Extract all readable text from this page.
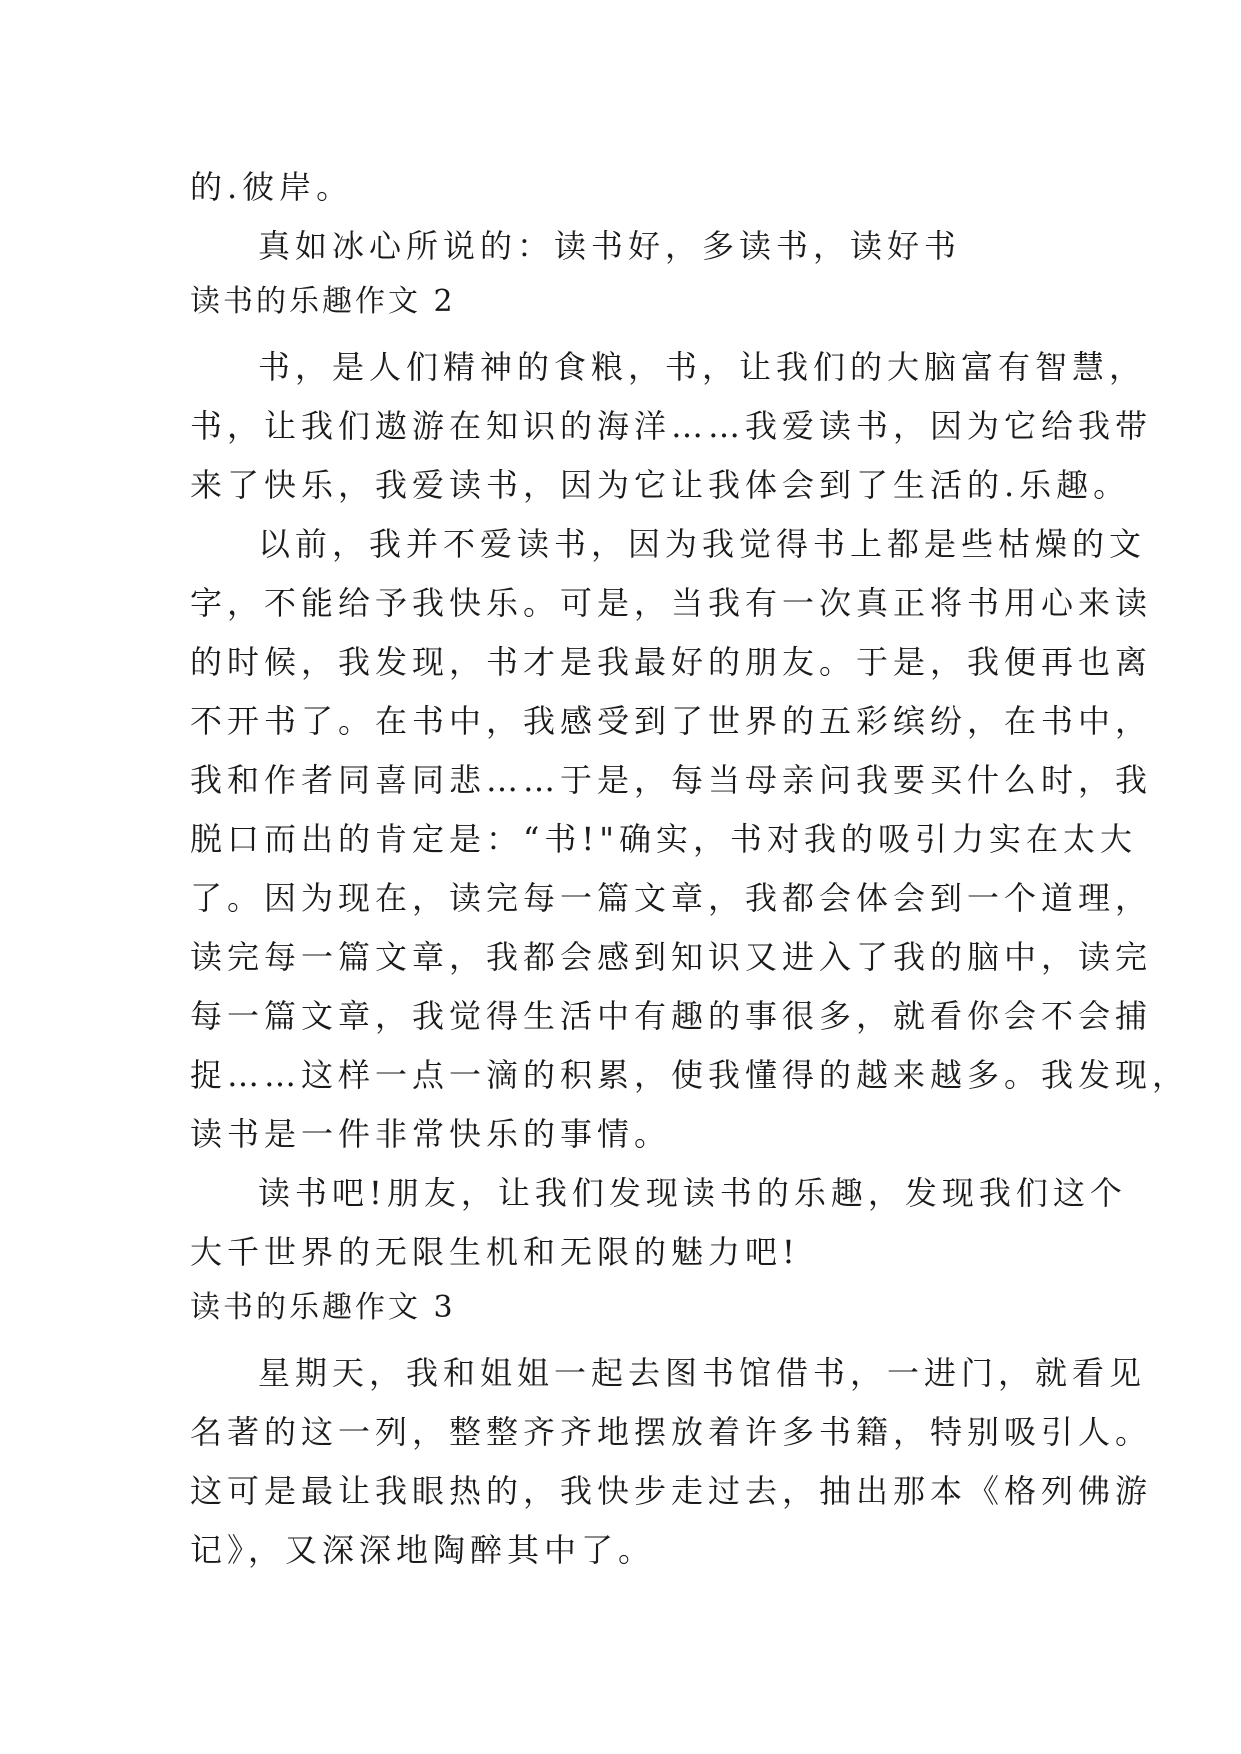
的.彼岸。
真如冰心所说的：读书好，多读书，读好书
读书的乐趣作文 2
书，是人们精神的食粮，书，让我们的大脑富有智慧，
书，让我们遨游在知识的海洋……我爱读书，因为它给我带
来了快乐，我爱读书，因为它让我体会到了生活的.乐趣。
以前，我并不爱读书，因为我觉得书上都是些枯燥的文
字，不能给予我快乐。可是，当我有一次真正将书用心来读
的时候，我发现，书才是我最好的朋友。于是，我便再也离
不开书了。在书中，我感受到了世界的五彩缤纷，在书中，
我和作者同喜同悲……于是，每当母亲问我要买什么时，我
脱口而出的肯定是：“书!"确实，书对我的吸引力实在太大
了。因为现在，读完每一篇文章，我都会体会到一个道理，
读完每一篇文章，我都会感到知识又进入了我的脑中，读完
每一篇文章，我觉得生活中有趣的事很多，就看你会不会捕
捉……这样一点一滴的积累，使我懂得的越来越多。我发现，
读书是一件非常快乐的事情。
读书吧!朋友，让我们发现读书的乐趣，发现我们这个
大千世界的无限生机和无限的魅力吧!
读书的乐趣作文 3
星期天，我和姐姐一起去图书馆借书，一进门，就看见
名著的这一列，整整齐齐地摆放着许多书籍，特别吸引人。
这可是最让我眼热的，我快步走过去，抽出那本《格列佛游
记》，又深深地陶醉其中了。
